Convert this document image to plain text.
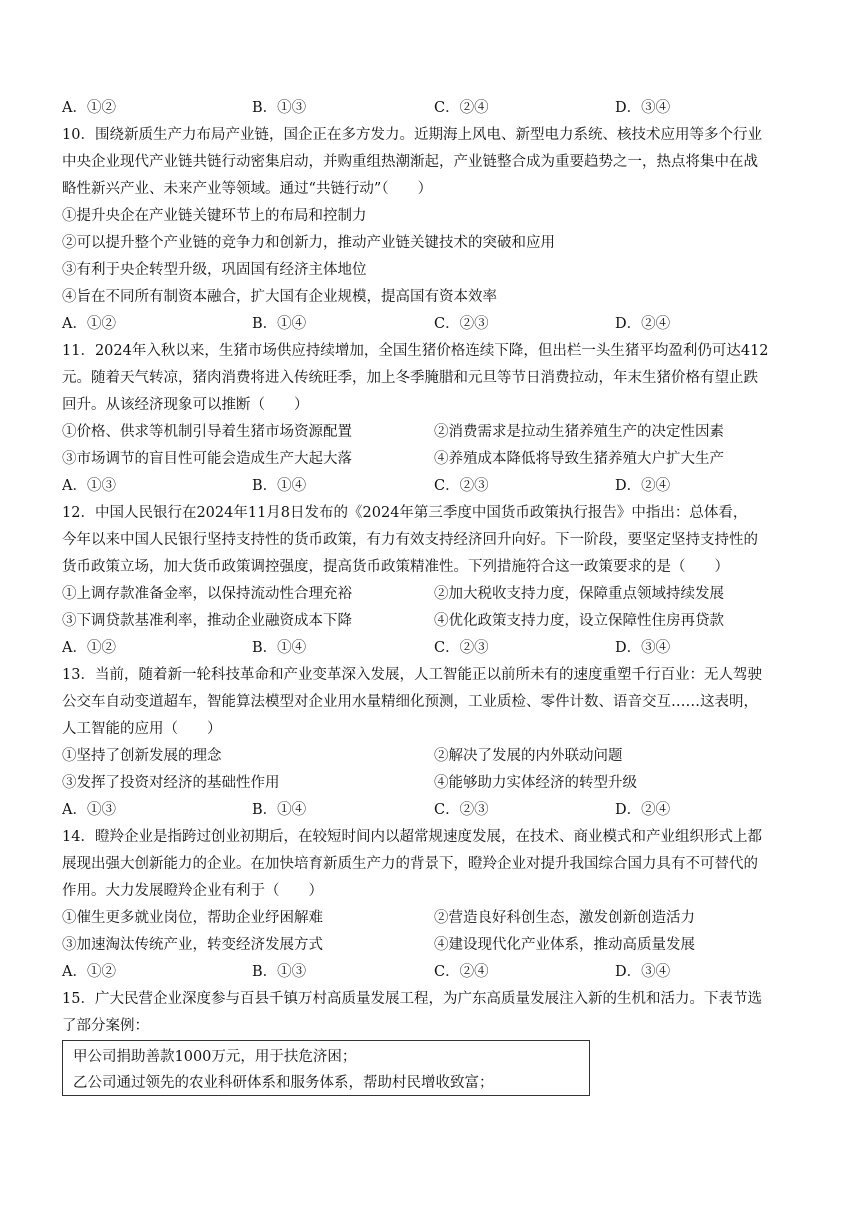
A．①②	B．①③	C．②④	D．③④
10．围绕新质生产力布局产业链，国企正在多方发力。近期海上风电、新型电力系统、核技术应用等多个行业
中央企业现代产业链共链行动密集启动，并购重组热潮渐起，产业链整合成为重要趋势之一，热点将集中在战
略性新兴产业、未来产业等领域。通过“共链行动”（　　）
①提升央企在产业链关键环节上的布局和控制力
②可以提升整个产业链的竞争力和创新力，推动产业链关键技术的突破和应用
③有利于央企转型升级，巩固国有经济主体地位
④旨在不同所有制资本融合，扩大国有企业规模，提高国有资本效率
A．①②	B．①④	C．②③	D．②④
11．2024年入秋以来，生猪市场供应持续增加，全国生猪价格连续下降，但出栏一头生猪平均盈利仍可达412
元。随着天气转凉，猪肉消费将进入传统旺季，加上冬季腌腊和元旦等节日消费拉动，年末生猪价格有望止跌
回升。从该经济现象可以推断（　　）
①价格、供求等机制引导着生猪市场资源配置	②消费需求是拉动生猪养殖生产的决定性因素
③市场调节的盲目性可能会造成生产大起大落	④养殖成本降低将导致生猪养殖大户扩大生产
A．①③	B．①④	C．②③	D．②④
12．中国人民银行在2024年11月8日发布的《2024年第三季度中国货币政策执行报告》中指出：总体看，
今年以来中国人民银行坚持支持性的货币政策，有力有效支持经济回升向好。下一阶段，要坚定坚持支持性的
货币政策立场，加大货币政策调控强度，提高货币政策精准性。下列措施符合这一政策要求的是（　　）
①上调存款准备金率，以保持流动性合理充裕	②加大税收支持力度，保障重点领域持续发展
③下调贷款基准利率，推动企业融资成本下降	④优化政策支持力度，设立保障性住房再贷款
A．①②	B．①④	C．②③	D．③④
13．当前，随着新一轮科技革命和产业变革深入发展，人工智能正以前所未有的速度重塑千行百业：无人驾驶
公交车自动变道超车，智能算法模型对企业用水量精细化预测，工业质检、零件计数、语音交互……这表明，
人工智能的应用（　　）
①坚持了创新发展的理念	②解决了发展的内外联动问题
③发挥了投资对经济的基础性作用	④能够助力实体经济的转型升级
A．①③	B．①④	C．②③	D．②④
14．瞪羚企业是指跨过创业初期后，在较短时间内以超常规速度发展，在技术、商业模式和产业组织形式上都
展现出强大创新能力的企业。在加快培育新质生产力的背景下，瞪羚企业对提升我国综合国力具有不可替代的
作用。大力发展瞪羚企业有利于（　　）
①催生更多就业岗位，帮助企业纾困解难	②营造良好科创生态，激发创新创造活力
③加速淘汰传统产业，转变经济发展方式	④建设现代化产业体系，推动高质量发展
A．①②	B．①③	C．②④	D．③④
15．广大民营企业深度参与百县千镇万村高质量发展工程，为广东高质量发展注入新的生机和活力。下表节选
了部分案例：
甲公司捐助善款1000万元，用于扶危济困；
乙公司通过领先的农业科研体系和服务体系，帮助村民增收致富；
